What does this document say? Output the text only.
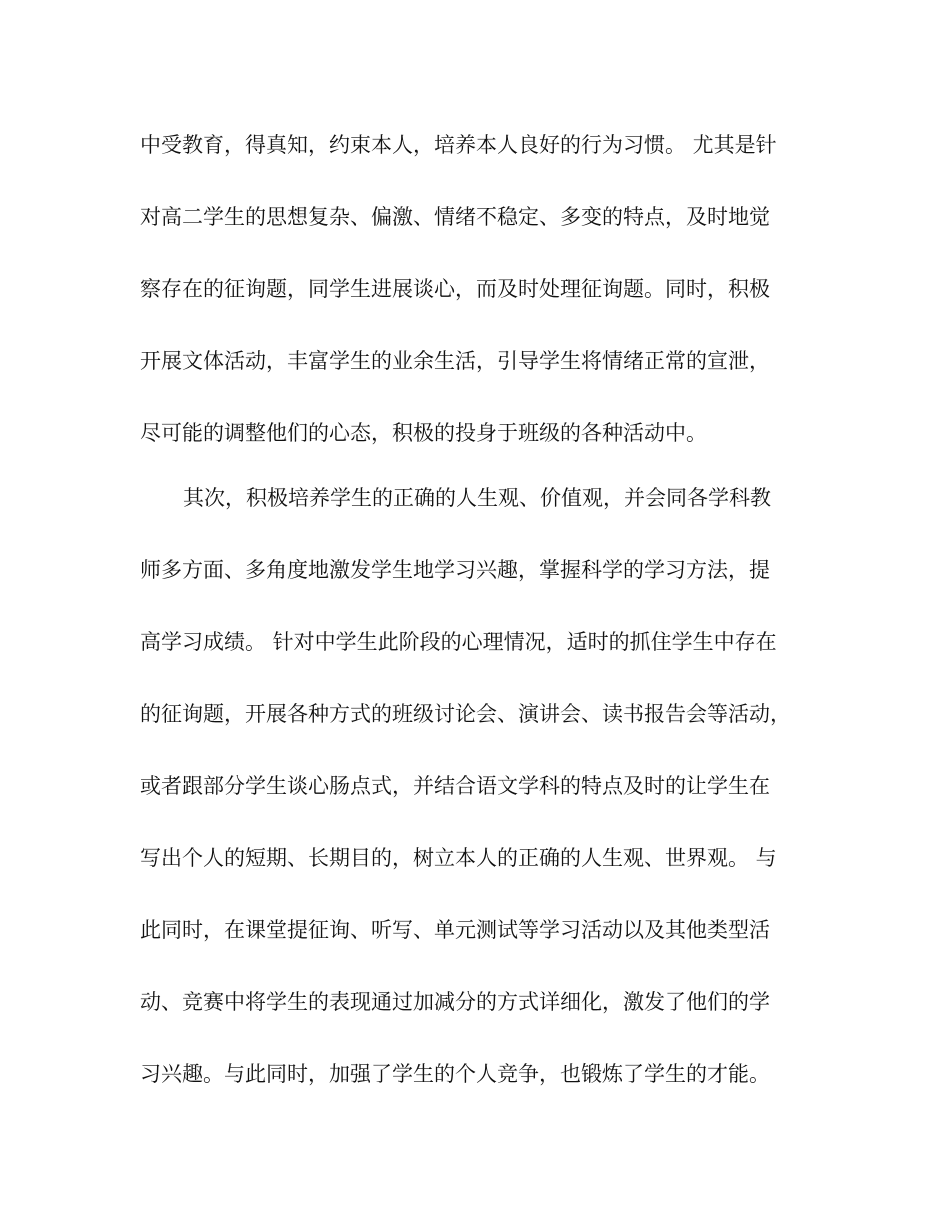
中受教育，得真知，约束本人，培养本人良好的行为习惯。 尤其是针
对高二学生的思想复杂、偏激、情绪不稳定、多变的特点，及时地觉
察存在的征询题，同学生进展谈心，而及时处理征询题。同时，积极
开展文体活动，丰富学生的业余生活，引导学生将情绪正常的宣泄，
尽可能的调整他们的心态，积极的投身于班级的各种活动中。
其次，积极培养学生的正确的人生观、价值观，并会同各学科教
师多方面、多角度地激发学生地学习兴趣，掌握科学的学习方法，提
高学习成绩。 针对中学生此阶段的心理情况，适时的抓住学生中存在
的征询题，开展各种方式的班级讨论会、演讲会、读书报告会等活动，
或者跟部分学生谈心肠点式，并结合语文学科的特点及时的让学生在
写出个人的短期、长期目的，树立本人的正确的人生观、世界观。 与
此同时，在课堂提征询、听写、单元测试等学习活动以及其他类型活
动、竞赛中将学生的表现通过加减分的方式详细化，激发了他们的学
习兴趣。与此同时，加强了学生的个人竞争，也锻炼了学生的才能。
